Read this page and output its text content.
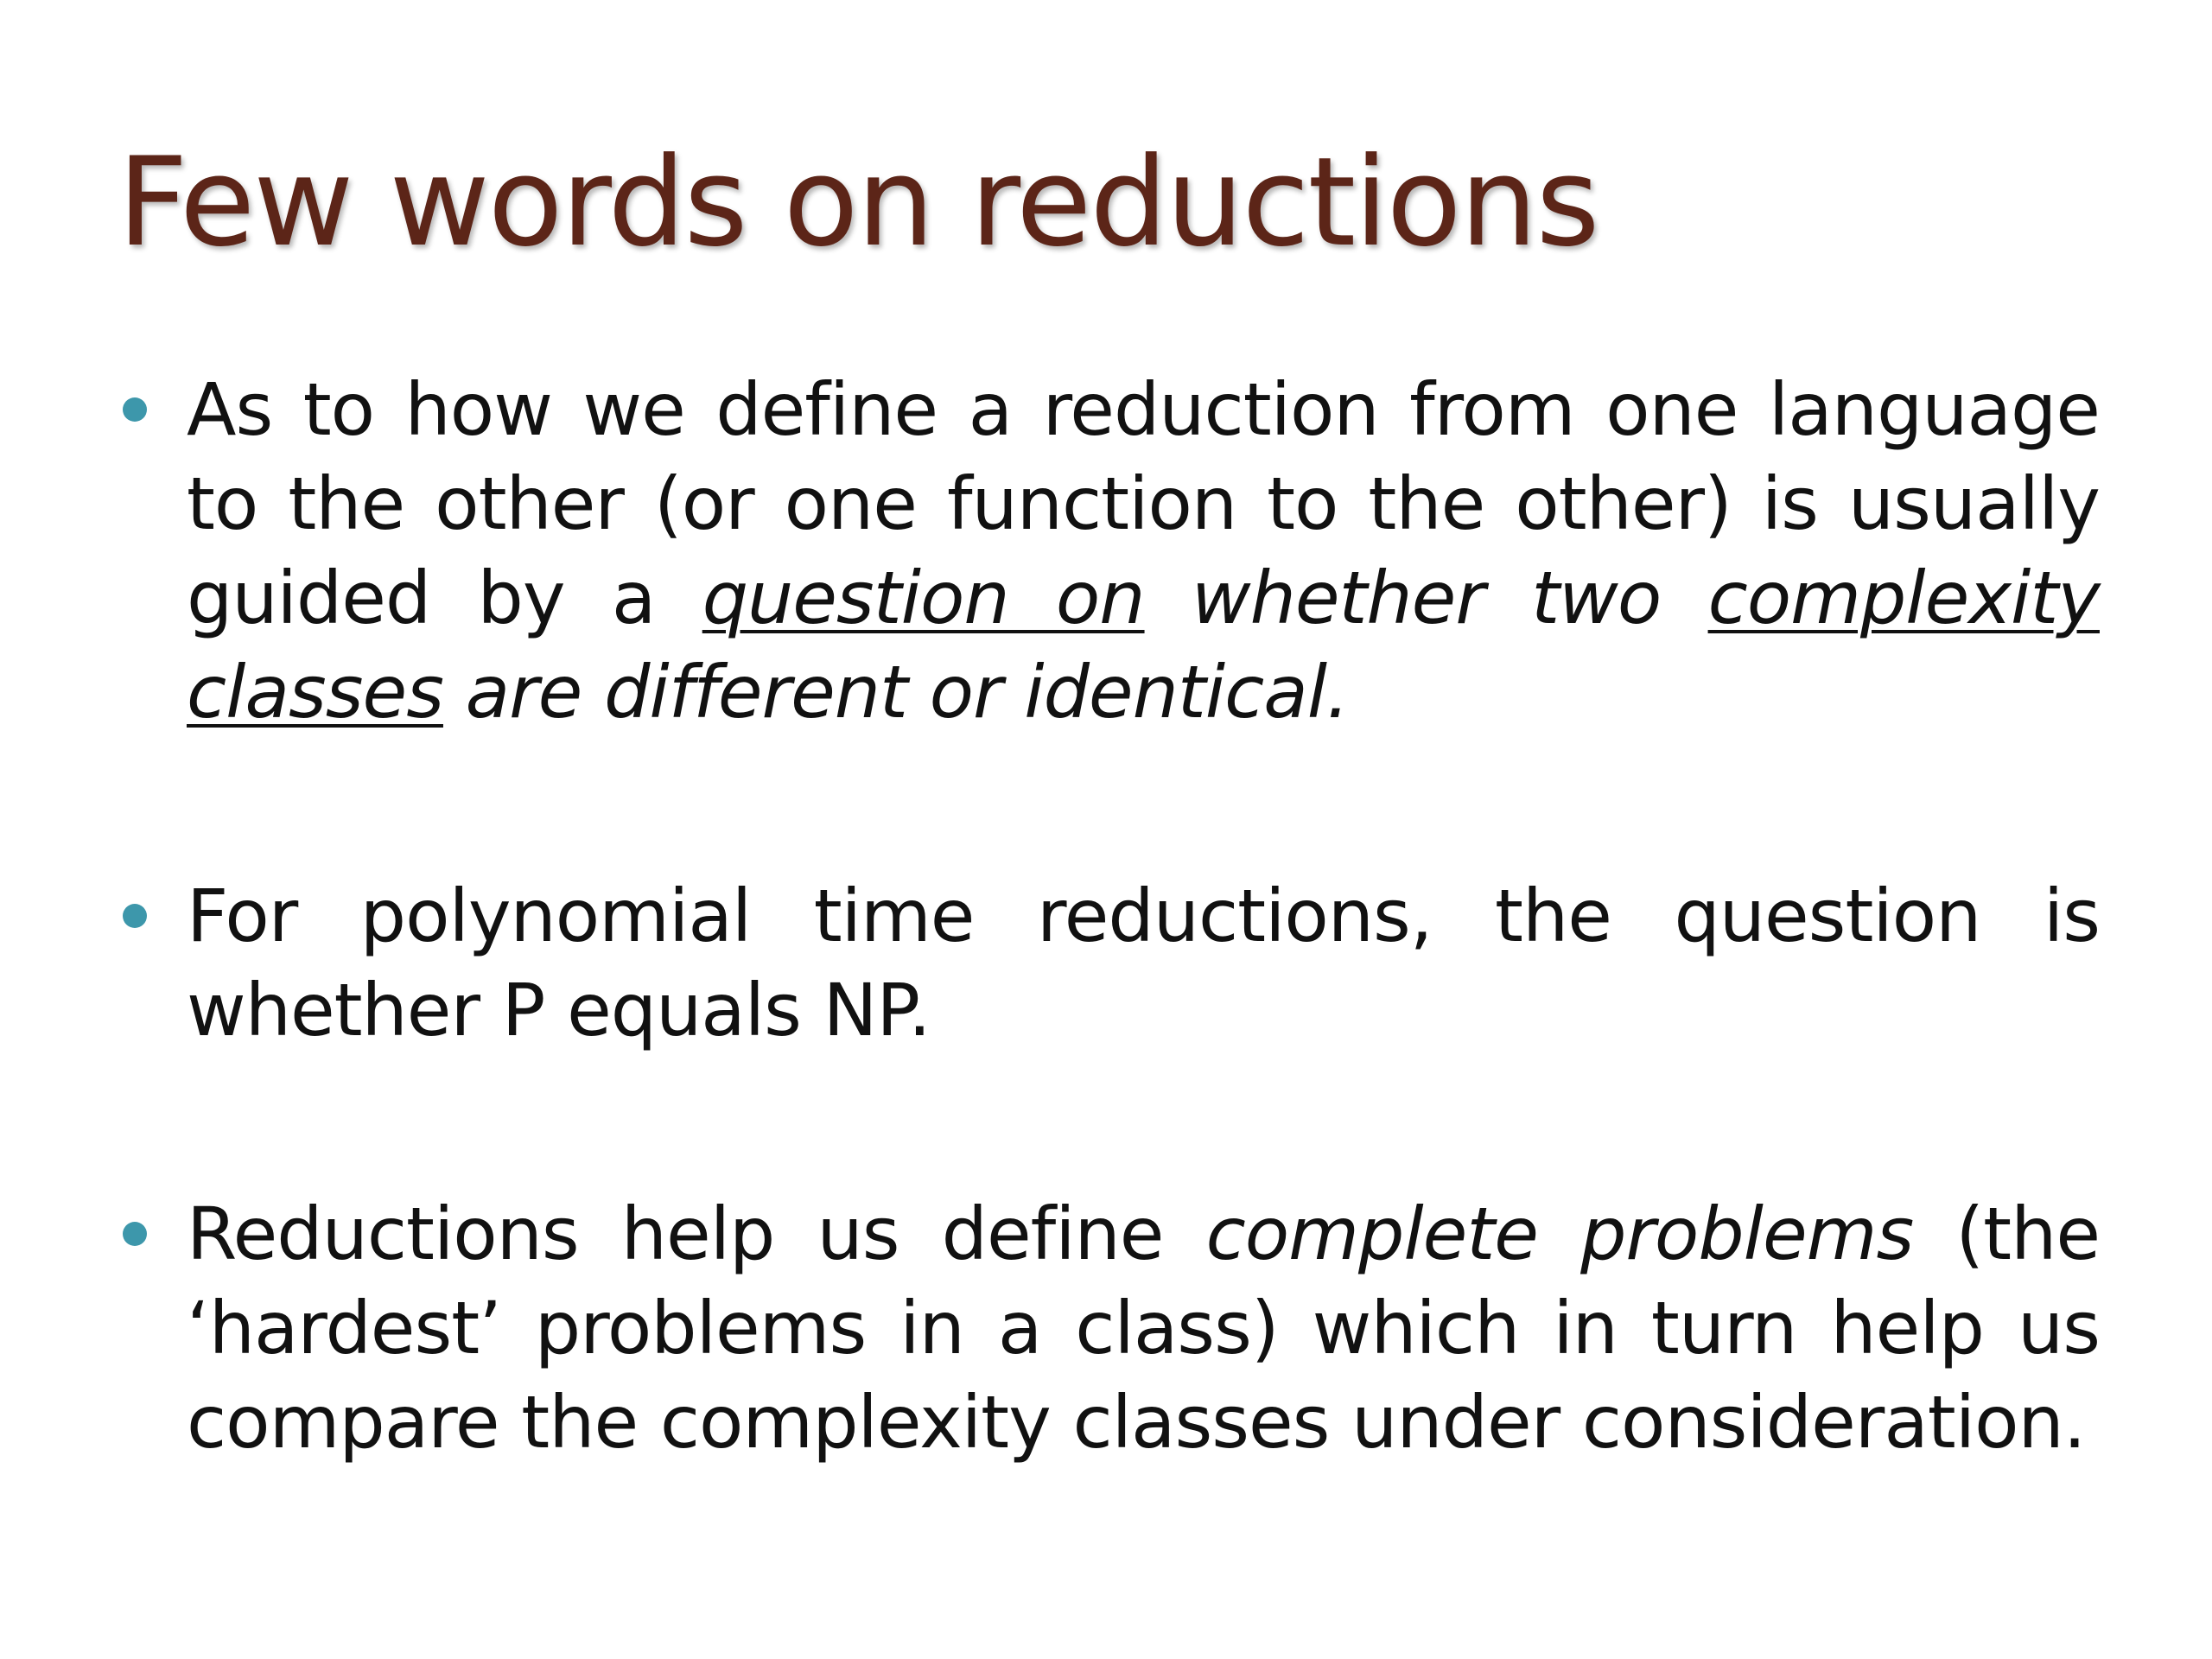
Few words on reductions
As to how we define a reduction from one language to the other (or one function to the other) is usually guided by a question on whether two complexity classes are different or identical.
For polynomial time reductions, the question is whether P equals NP.
Reductions help us define complete problems (the ‘hardest’ problems in a class) which in turn help us compare the complexity classes under consideration.
